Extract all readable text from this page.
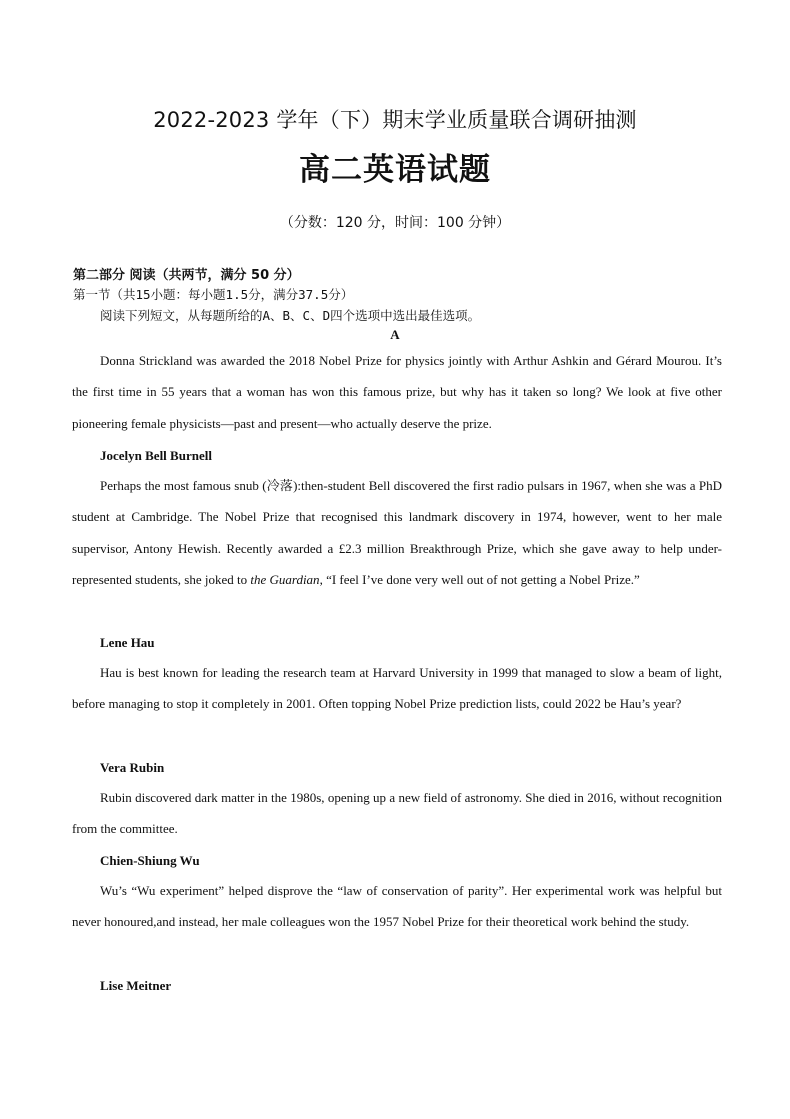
2022-2023 学年（下）期末学业质量联合调研抽测
高二英语试题
（分数：120 分，时间：100 分钟）
第二部分 阅读（共两节，满分 50 分）
第一节（共15小题：每小题1.5分，满分37.5分）
阅读下列短文，从每题所给的A、B、C、D四个选项中选出最佳选项。
A

Donna Strickland was awarded the 2018 Nobel Prize for physics jointly with Arthur Ashkin and Gérard Mourou. It’s the first time in 55 years that a woman has won this famous prize, but why has it taken so long? We look at five other pioneering female physicists—past and present—who actually deserve the prize.

Jocelyn Bell Burnell

Perhaps the most famous snub (冷落):then-student Bell discovered the first radio pulsars in 1967, when she was a PhD student at Cambridge. The Nobel Prize that recognised this landmark discovery in 1974, however, went to her male supervisor, Antony Hewish. Recently awarded a £2.3 million Breakthrough Prize, which she gave away to help under-represented students, she joked to the Guardian, “I feel I’ve done very well out of not getting a Nobel Prize.”

Lene Hau

Hau is best known for leading the research team at Harvard University in 1999 that managed to slow a beam of light, before managing to stop it completely in 2001. Often topping Nobel Prize prediction lists, could 2022 be Hau’s year?

Vera Rubin

Rubin discovered dark matter in the 1980s, opening up a new field of astronomy. She died in 2016, without recognition from the committee.

Chien-Shiung Wu

Wu’s “Wu experiment” helped disprove the “law of conservation of parity”. Her experimental work was helpful but never honoured,and instead, her male colleagues won the 1957 Nobel Prize for their theoretical work behind the study.

Lise Meitner
